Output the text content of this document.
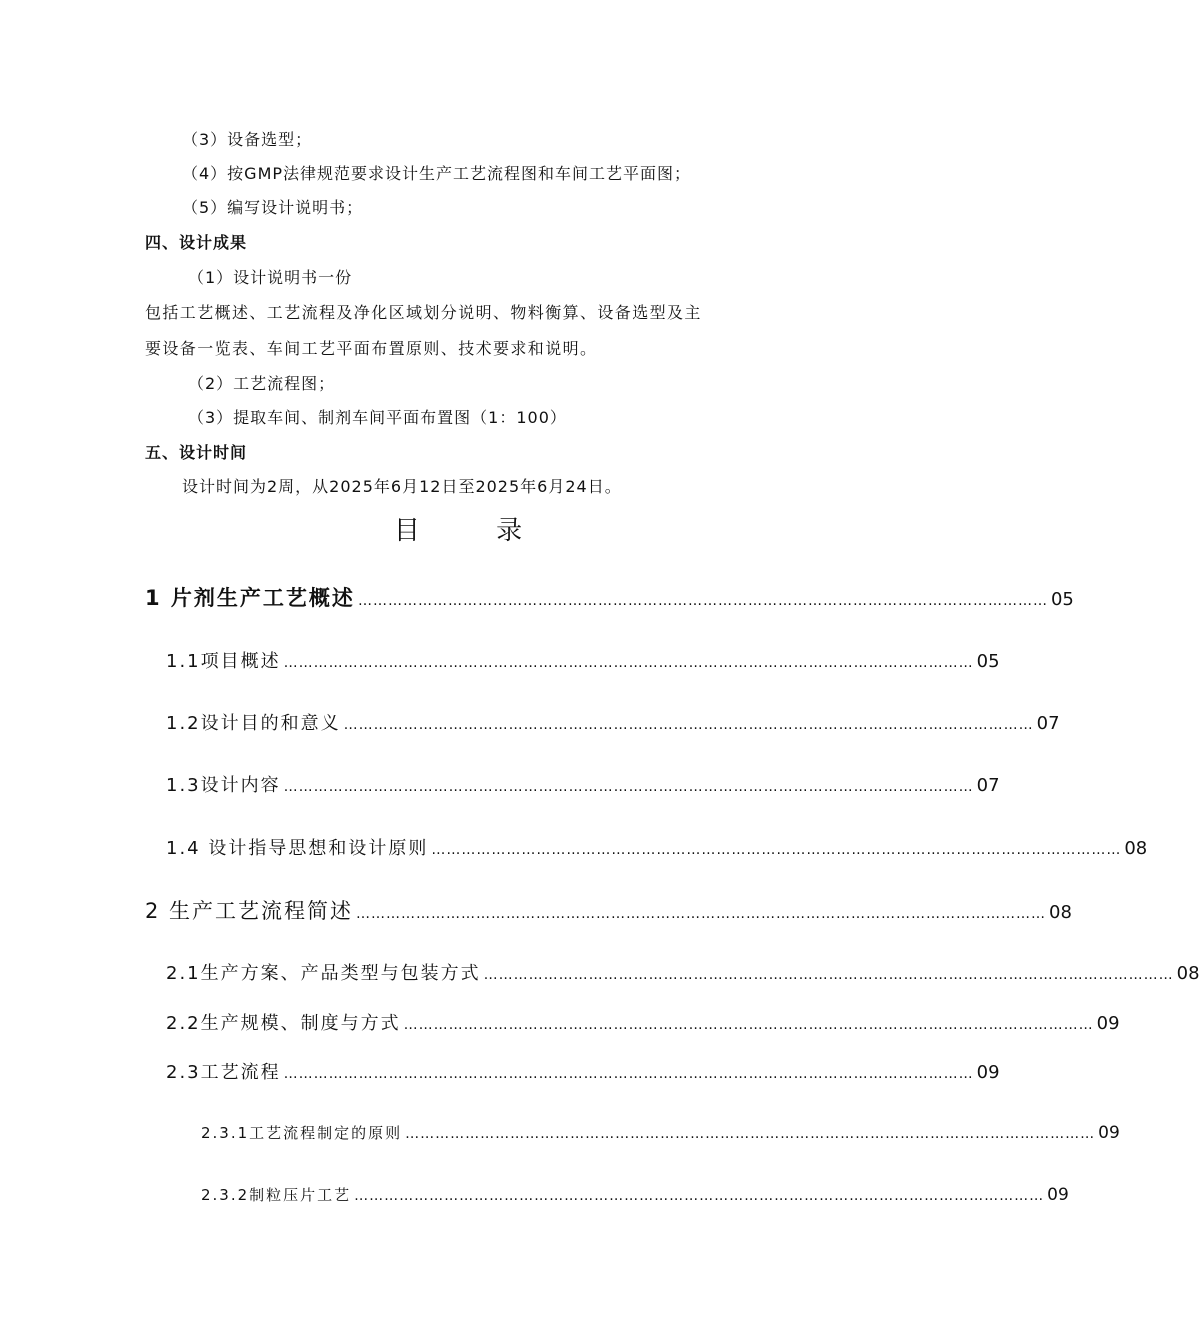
（3）设备选型；
（4）按GMP法律规范要求设计生产工艺流程图和车间工艺平面图；
（5）编写设计说明书；
四、设计成果
（1）设计说明书一份
包括工艺概述、工艺流程及净化区域划分说明、物料衡算、设备选型及主
要设备一览表、车间工艺平面布置原则、技术要求和说明。
（2）工艺流程图；
（3）提取车间、制剂车间平面布置图（1：100）
五、设计时间
设计时间为2周，从2025年6月12日至2025年6月24日。
目 录
1 片剂生产工艺概述 ………………………………………………………………………………………………………………………… 05
1.1项目概述 ………………………………………………………………………………………………………………………… 05
1.2设计目的和意义 ………………………………………………………………………………………………………………………… 07
1.3设计内容 ………………………………………………………………………………………………………………………… 07
1.4 设计指导思想和设计原则 ………………………………………………………………………………………………………………………… 08
2 生产工艺流程简述 ………………………………………………………………………………………………………………………… 08
2.1生产方案、产品类型与包装方式 ………………………………………………………………………………………………………………………… 08
2.2生产规模、制度与方式 ………………………………………………………………………………………………………………………… 09
2.3工艺流程 ………………………………………………………………………………………………………………………… 09
2.3.1工艺流程制定的原则 ………………………………………………………………………………………………………………………… 09
2.3.2制粒压片工艺 ………………………………………………………………………………………………………………………… 09
